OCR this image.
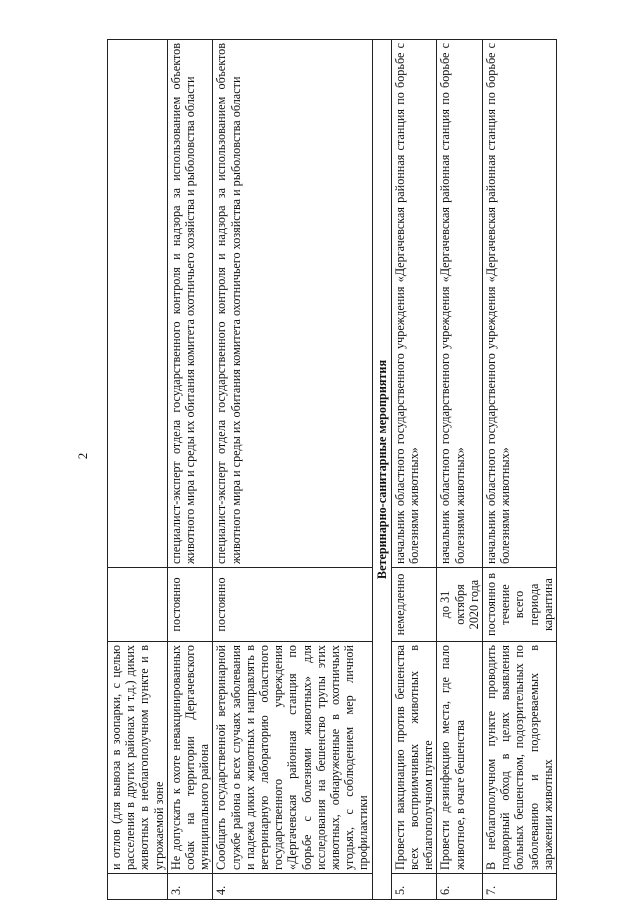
2
	и отлов (для вывоза в зоопарки, с целью расселения в других районах и т.д.) диких животных в неблагополучном пункте и в угрожаемой зоне		
3.	Не допускать к охоте невакцинированных собак на территории Дергачевского муниципального района	постоянно	специалист-эксперт отдела государственного контроля и надзора за использованием объектов животного мира и среды их обитания комитета охотничьего хозяйства и рыболовства области
4.	Сообщать государственной ветеринарной службе района о всех случаях заболевания и падежа диких животных и направлять в ветеринарную лабораторию областного государственного учреждения «Дергачевская районная станция по борьбе с болезнями животных» для исследования на бешенство трупы этих животных, обнаруженные в охотничьих угодьях, с соблюдением мер личной профилактики	постоянно	специалист-эксперт отдела государственного контроля и надзора за использованием объектов животного мира и среды их обитания комитета охотничьего хозяйства и рыболовства области
Ветеринарно-санитарные мероприятия			
5.	Провести вакцинацию против бешенства всех восприимчивых животных в неблагополучном пункте	немедленно	начальник областного государственного учреждения «Дергачевская районная станция по борьбе с болезнями животных»
6.	Провести дезинфекцию места, где пало животное, в очаге бешенства	до 31 октября 2020 года	начальник областного государственного учреждения «Дергачевская районная станция по борьбе с болезнями животных»
7.	В неблагополучном пункте проводить подворный обход в целях выявления больных бешенством, подозрительных по заболеванию и подозреваемых в заражении животных	постоянно в течение всего периода карантина	начальник областного государственного учреждения «Дергачевская районная станция по борьбе с болезнями животных»
